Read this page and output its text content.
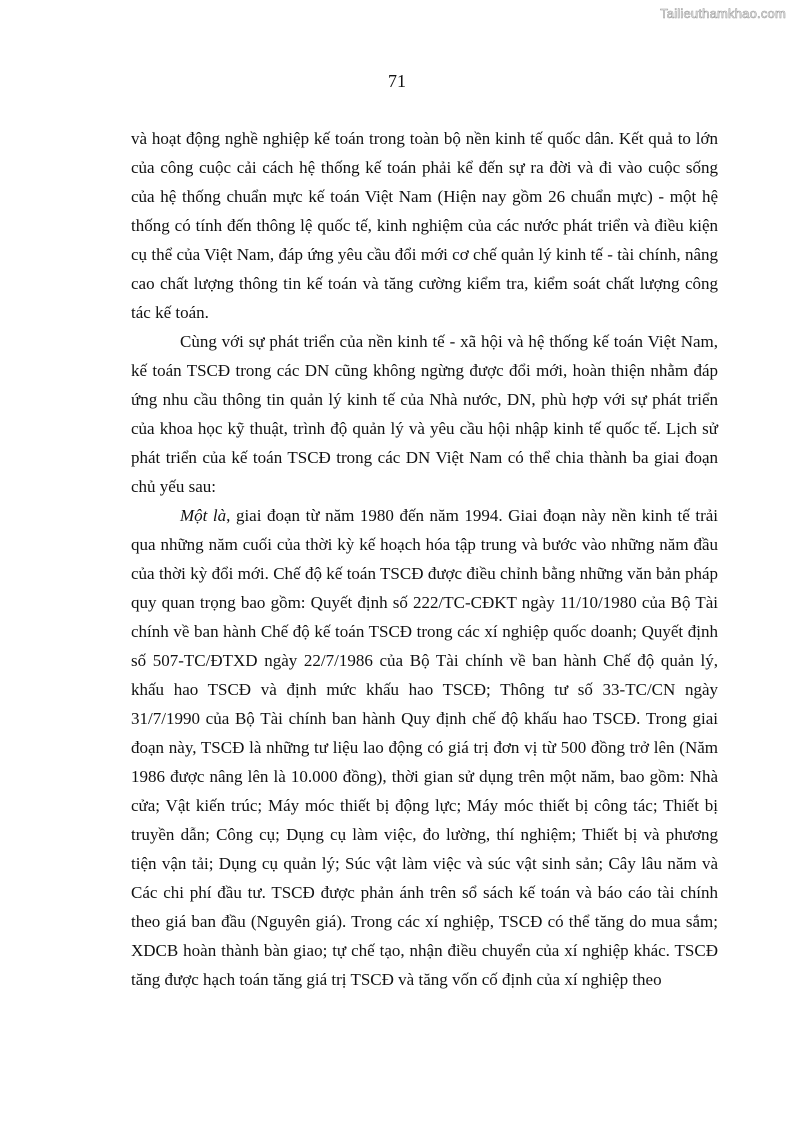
Tailieuthamkhao.com
71

và hoạt động nghề nghiệp kế toán trong toàn bộ nền kinh tế quốc dân. Kết quả to lớn của công cuộc cải cách hệ thống kế toán phải kể đến sự ra đời và đi vào cuộc sống của hệ thống chuẩn mực kế toán Việt Nam (Hiện nay gồm 26 chuẩn mực) - một hệ thống có tính đến thông lệ quốc tế, kinh nghiệm của các nước phát triển và điều kiện cụ thể của Việt Nam, đáp ứng yêu cầu đổi mới cơ chế quản lý kinh tế - tài chính, nâng cao chất lượng thông tin kế toán và tăng cường kiểm tra, kiểm soát chất lượng công tác kế toán.

Cùng với sự phát triển của nền kinh tế - xã hội và hệ thống kế toán Việt Nam, kế toán TSCĐ trong các DN cũng không ngừng được đổi mới, hoàn thiện nhằm đáp ứng nhu cầu thông tin quản lý kinh tế của Nhà nước, DN, phù hợp với sự phát triển của khoa học kỹ thuật, trình độ quản lý và yêu cầu hội nhập kinh tế quốc tế. Lịch sử phát triển của kế toán TSCĐ trong các DN Việt Nam có thể chia thành ba giai đoạn chủ yếu sau:

Một là, giai đoạn từ năm 1980 đến năm 1994. Giai đoạn này nền kinh tế trải qua những năm cuối của thời kỳ kế hoạch hóa tập trung và bước vào những năm đầu của thời kỳ đổi mới. Chế độ kế toán TSCĐ được điều chỉnh bằng những văn bản pháp quy quan trọng bao gồm: Quyết định số 222/TC-CĐKT ngày 11/10/1980 của Bộ Tài chính về ban hành Chế độ kế toán TSCĐ trong các xí nghiệp quốc doanh; Quyết định số 507-TC/ĐTXD ngày 22/7/1986 của Bộ Tài chính về ban hành Chế độ quản lý, khấu hao TSCĐ và định mức khấu hao TSCĐ; Thông tư số 33-TC/CN ngày 31/7/1990 của Bộ Tài chính ban hành Quy định chế độ khấu hao TSCĐ. Trong giai đoạn này, TSCĐ là những tư liệu lao động có giá trị đơn vị từ 500 đồng trở lên (Năm 1986 được nâng lên là 10.000 đồng), thời gian sử dụng trên một năm, bao gồm: Nhà cửa; Vật kiến trúc; Máy móc thiết bị động lực; Máy móc thiết bị công tác; Thiết bị truyền dẫn; Công cụ; Dụng cụ làm việc, đo lường, thí nghiệm; Thiết bị và phương tiện vận tải; Dụng cụ quản lý; Súc vật làm việc và súc vật sinh sản; Cây lâu năm và Các chi phí đầu tư. TSCĐ được phản ánh trên sổ sách kế toán và báo cáo tài chính theo giá ban đầu (Nguyên giá). Trong các xí nghiệp, TSCĐ có thể tăng do mua sắm; XDCB hoàn thành bàn giao; tự chế tạo, nhận điều chuyển của xí nghiệp khác. TSCĐ tăng được hạch toán tăng giá trị TSCĐ và tăng vốn cố định của xí nghiệp theo
